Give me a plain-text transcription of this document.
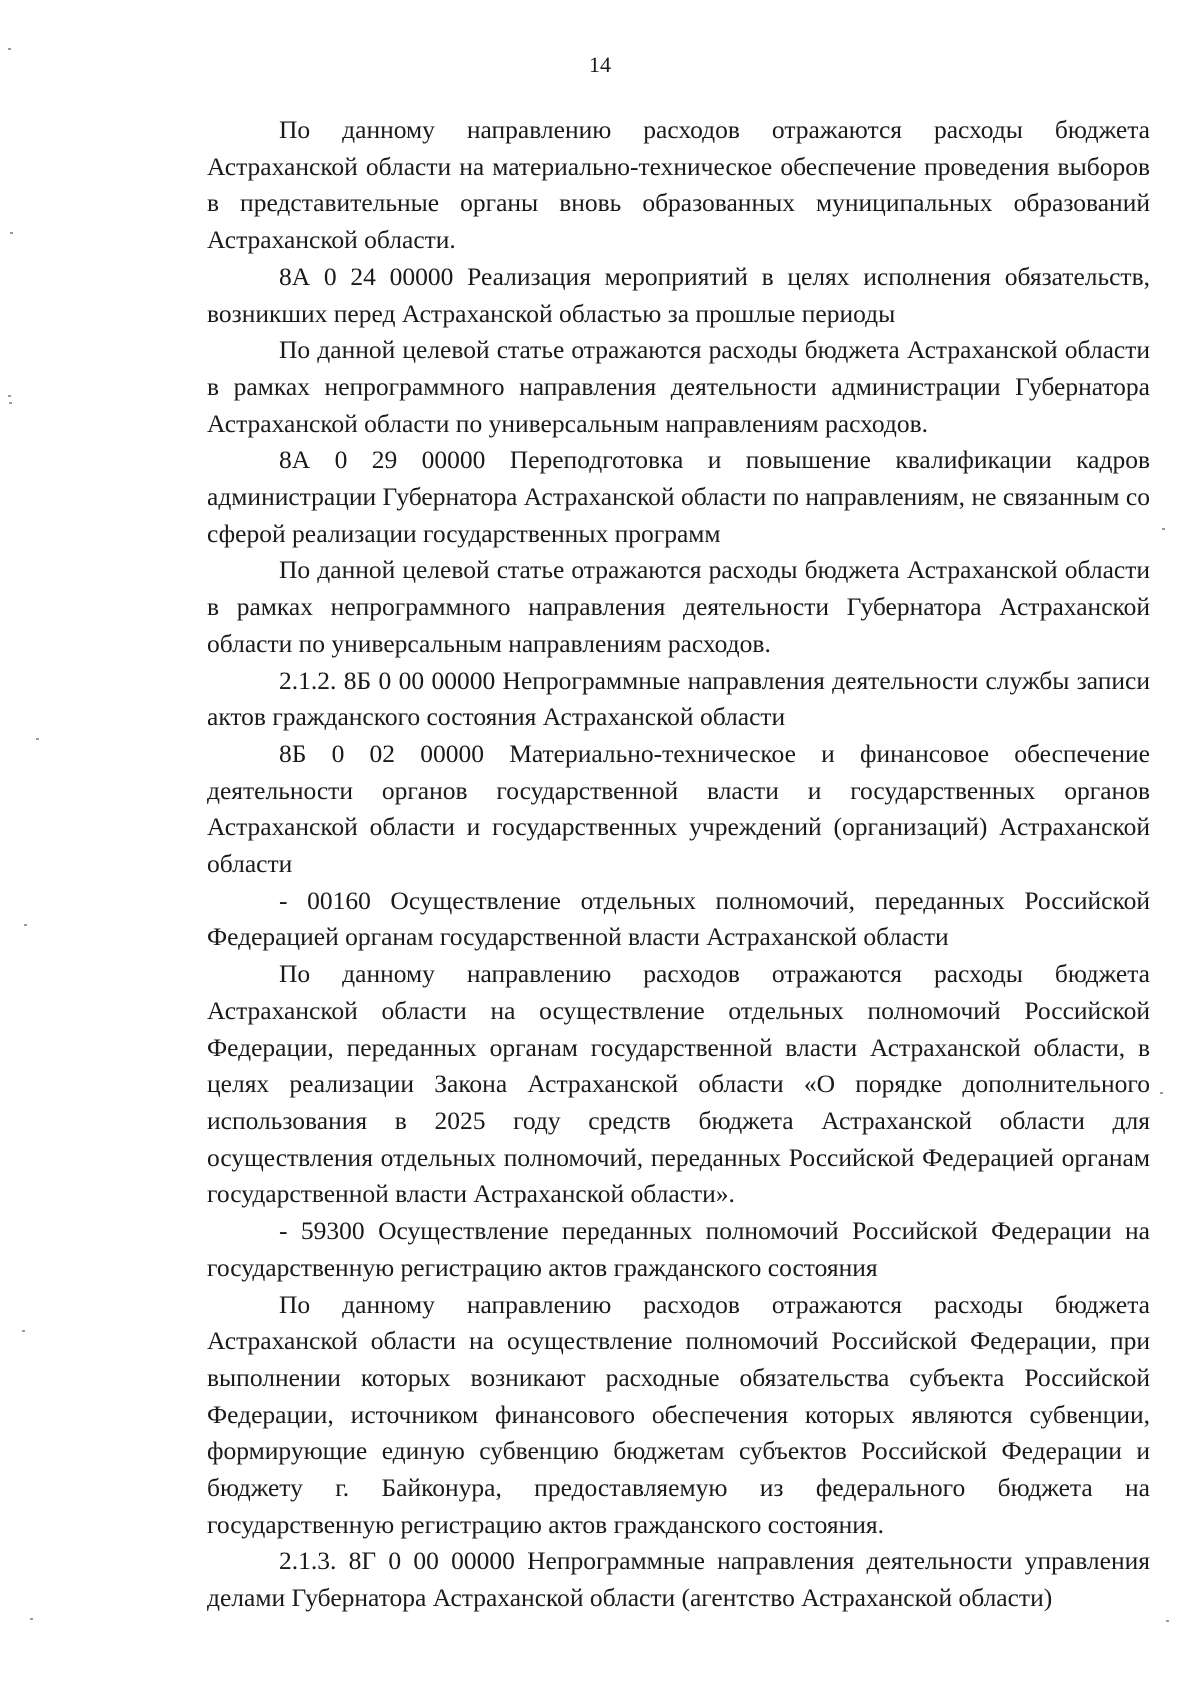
14

По данному направлению расходов отражаются расходы бюджета Астраханской области на материально-техническое обеспечение проведения выборов в представительные органы вновь образованных муниципальных образований Астраханской области.

8А 0 24 00000 Реализация мероприятий в целях исполнения обязательств, возникших перед Астраханской областью за прошлые периоды

По данной целевой статье отражаются расходы бюджета Астраханской области в рамках непрограммного направления деятельности администрации Губернатора Астраханской области по универсальным направлениям расходов.

8А 0 29 00000 Переподготовка и повышение квалификации кадров администрации Губернатора Астраханской области по направлениям, не связанным со сферой реализации государственных программ

По данной целевой статье отражаются расходы бюджета Астраханской области в рамках непрограммного направления деятельности Губернатора Астраханской области по универсальным направлениям расходов.

2.1.2. 8Б 0 00 00000 Непрограммные направления деятельности службы записи актов гражданского состояния Астраханской области

8Б 0 02 00000 Материально-техническое и финансовое обеспечение деятельности органов государственной власти и государственных органов Астраханской области и государственных учреждений (организаций) Астраханской области

- 00160 Осуществление отдельных полномочий, переданных Российской Федерацией органам государственной власти Астраханской области

По данному направлению расходов отражаются расходы бюджета Астраханской области на осуществление отдельных полномочий Российской Федерации, переданных органам государственной власти Астраханской области, в целях реализации Закона Астраханской области «О порядке дополнительного использования в 2025 году средств бюджета Астраханской области для осуществления отдельных полномочий, переданных Российской Федерацией органам государственной власти Астраханской области».

- 59300 Осуществление переданных полномочий Российской Федерации на государственную регистрацию актов гражданского состояния

По данному направлению расходов отражаются расходы бюджета Астраханской области на осуществление полномочий Российской Федерации, при выполнении которых возникают расходные обязательства субъекта Российской Федерации, источником финансового обеспечения которых являются субвенции, формирующие единую субвенцию бюджетам субъектов Российской Федерации и бюджету г. Байконура, предоставляемую из федерального бюджета на государственную регистрацию актов гражданского состояния.

2.1.3. 8Г 0 00 00000 Непрограммные направления деятельности управления делами Губернатора Астраханской области (агентство Астраханской области)
